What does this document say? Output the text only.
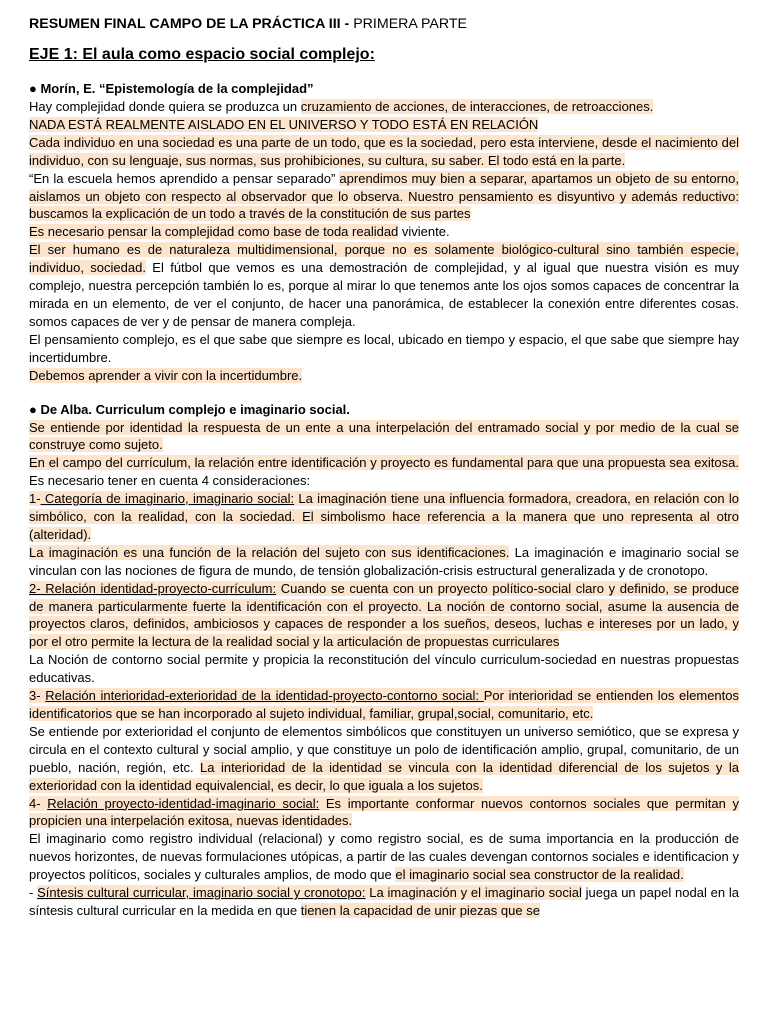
RESUMEN FINAL CAMPO DE LA PRÁCTICA III - PRIMERA PARTE
EJE 1: El aula como espacio social complejo:
● Morín, E. “Epistemología de la complejidad”
Hay complejidad donde quiera se produzca un cruzamiento de acciones, de interacciones, de retroacciones.
NADA ESTÁ REALMENTE AISLADO EN EL UNIVERSO Y TODO ESTÁ EN RELACIÓN
Cada individuo en una sociedad es una parte de un todo, que es la sociedad, pero esta interviene, desde el nacimiento del individuo, con su lenguaje, sus normas, sus prohibiciones, su cultura, su saber. El todo está en la parte.
“En la escuela hemos aprendido a pensar separado” aprendimos muy bien a separar, apartamos un objeto de su entorno, aislamos un objeto con respecto al observador que lo observa. Nuestro pensamiento es disyuntivo y además reductivo: buscamos la explicación de un todo a través de la constitución de sus partes
Es necesario pensar la complejidad como base de toda realidad viviente.
El ser humano es de naturaleza multidimensional, porque no es solamente biológico-cultural sino también especie, individuo, sociedad. El fútbol que vemos es una demostración de complejidad, y al igual que nuestra visión es muy complejo, nuestra percepción también lo es, porque al mirar lo que tenemos ante los ojos somos capaces de concentrar la mirada en un elemento, de ver el conjunto, de hacer una panorámica, de establecer la conexión entre diferentes cosas. somos capaces de ver y de pensar de manera compleja.
El pensamiento complejo, es el que sabe que siempre es local, ubicado en tiempo y espacio, el que sabe que siempre hay incertidumbre.
Debemos aprender a vivir con la incertidumbre.
● De Alba. Curriculum complejo e imaginario social.
Se entiende por identidad la respuesta de un ente a una interpelación del entramado social y por medio de la cual se construye como sujeto.
En el campo del currículum, la relación entre identificación y proyecto es fundamental para que una propuesta sea exitosa. Es necesario tener en cuenta 4 consideraciones:
1- Categoría de imaginario, imaginario social: La imaginación tiene una influencia formadora, creadora, en relación con lo simbólico, con la realidad, con la sociedad. El simbolismo hace referencia a la manera que uno representa al otro (alteridad).
La imaginación es una función de la relación del sujeto con sus identificaciones. La imaginación e imaginario social se vinculan con las nociones de figura de mundo, de tensión globalización-crisis estructural generalizada y de cronotopo.
2- Relación identidad-proyecto-currículum: Cuando se cuenta con un proyecto político-social claro y definido, se produce de manera particularmente fuerte la identificación con el proyecto. La noción de contorno social, asume la ausencia de proyectos claros, definidos, ambiciosos y capaces de responder a los sueños, deseos, luchas e intereses por un lado, y por el otro permite la lectura de la realidad social y la articulación de propuestas curriculares
La Noción de contorno social permite y propicia la reconstitución del vínculo curriculum-sociedad en nuestras propuestas educativas.
3- Relación interioridad-exterioridad de la identidad-proyecto-contorno social: Por interioridad se entienden los elementos identificatorios que se han incorporado al sujeto individual, familiar, grupal,social, comunitario, etc.
Se entiende por exterioridad el conjunto de elementos simbólicos que constituyen un universo semiótico, que se expresa y circula en el contexto cultural y social amplio, y que constituye un polo de identificación amplio, grupal, comunitario, de un pueblo, nación, región, etc. La interioridad de la identidad se vincula con la identidad diferencial de los sujetos y la exterioridad con la identidad equivalencial, es decir, lo que iguala a los sujetos.
4- Relación proyecto-identidad-imaginario social: Es importante conformar nuevos contornos sociales que permitan y propicien una interpelación exitosa, nuevas identidades.
El imaginario como registro individual (relacional) y como registro social, es de suma importancia en la producción de nuevos horizontes, de nuevas formulaciones utópicas, a partir de las cuales devengan contornos sociales e identificacion y proyectos políticos, sociales y culturales amplios, de modo que el imaginario social sea constructor de la realidad.
- Síntesis cultural curricular, imaginario social y cronotopo: La imaginación y el imaginario social juega un papel nodal en la síntesis cultural curricular en la medida en que tienen la capacidad de unir piezas que se
